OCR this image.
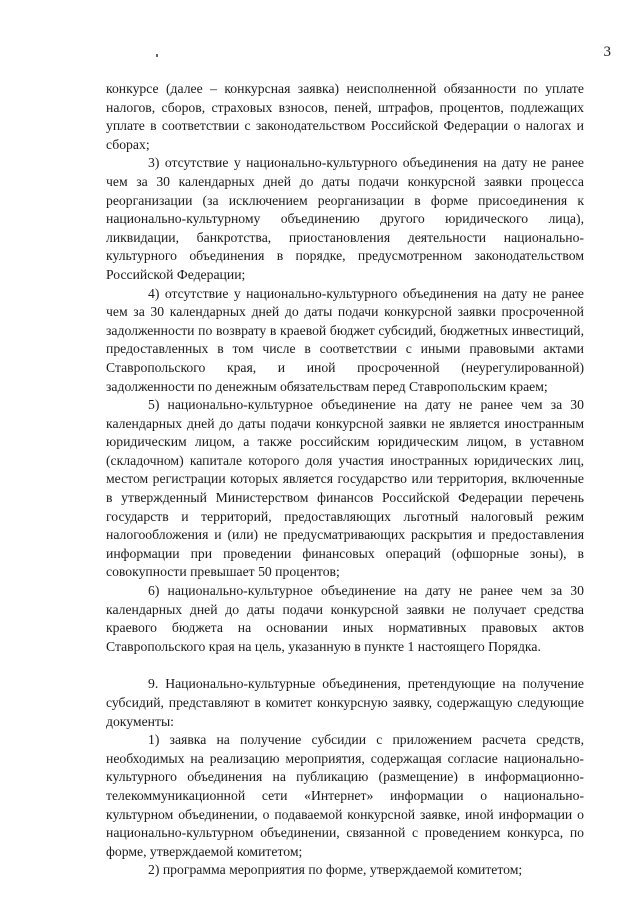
3

конкурсе (далее – конкурсная заявка) неисполненной обязанности по уплате налогов, сборов, страховых взносов, пеней, штрафов, процентов, подлежащих уплате в соответствии с законодательством Российской Федерации о налогах и сборах;

3) отсутствие у национально-культурного объединения на дату не ранее чем за 30 календарных дней до даты подачи конкурсной заявки процесса реорганизации (за исключением реорганизации в форме присоединения к национально-культурному объединению другого юридического лица), ликвидации, банкротства, приостановления деятельности национально-культурного объединения в порядке, предусмотренном законодательством Российской Федерации;

4) отсутствие у национально-культурного объединения на дату не ранее чем за 30 календарных дней до даты подачи конкурсной заявки просроченной задолженности по возврату в краевой бюджет субсидий, бюджетных инвестиций, предоставленных в том числе в соответствии с иными правовыми актами Ставропольского края, и иной просроченной (неурегулированной) задолженности по денежным обязательствам перед Ставропольским краем;

5) национально-культурное объединение на дату не ранее чем за 30 календарных дней до даты подачи конкурсной заявки не является иностранным юридическим лицом, а также российским юридическим лицом, в уставном (складочном) капитале которого доля участия иностранных юридических лиц, местом регистрации которых является государство или территория, включенные в утвержденный Министерством финансов Российской Федерации перечень государств и территорий, предоставляющих льготный налоговый режим налогообложения и (или) не предусматривающих раскрытия и предоставления информации при проведении финансовых операций (офшорные зоны), в совокупности превышает 50 процентов;

6) национально-культурное объединение на дату не ранее чем за 30 календарных дней до даты подачи конкурсной заявки не получает средства краевого бюджета на основании иных нормативных правовых актов Ставропольского края на цель, указанную в пункте 1 настоящего Порядка.

9. Национально-культурные объединения, претендующие на получение субсидий, представляют в комитет конкурсную заявку, содержащую следующие документы:

1) заявка на получение субсидии с приложением расчета средств, необходимых на реализацию мероприятия, содержащая согласие национально-культурного объединения на публикацию (размещение) в информационно-телекоммуникационной сети «Интернет» информации о национально-культурном объединении, о подаваемой конкурсной заявке, иной информации о национально-культурном объединении, связанной с проведением конкурса, по форме, утверждаемой комитетом;

2) программа мероприятия по форме, утверждаемой комитетом;
